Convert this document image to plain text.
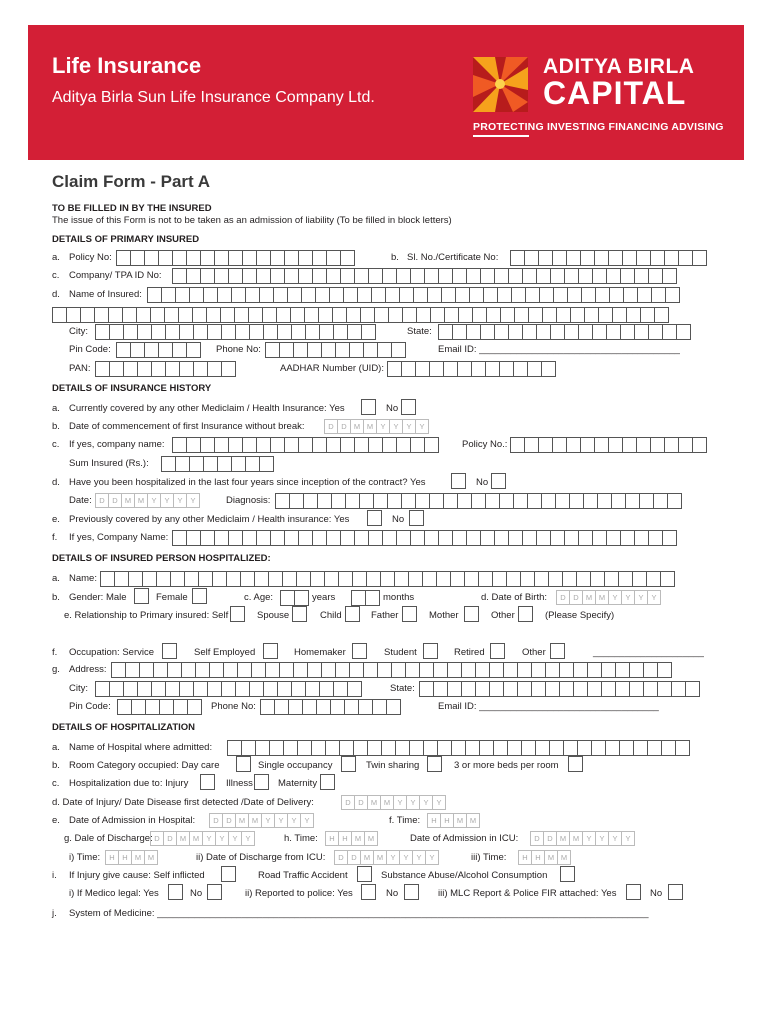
Life Insurance
Aditya Birla Sun Life Insurance Company Ltd.
ADITYA BIRLA
CAPITAL
PROTECTING INVESTING FINANCING ADVISING
Claim Form - Part A
TO BE FILLED IN BY THE INSURED
The issue of this Form is not to be taken as an admission of liability (To be filled in block letters)
DETAILS OF PRIMARY INSURED
a. Policy No:	b. Sl. No./Certificate No:
c. Company/ TPA ID No:
d. Name of Insured:
City:	State:
Pin Code:	Phone No:	Email ID: ______________________________________
PAN:	AADHAR Number (UID):
DETAILS OF INSURANCE HISTORY
a. Currently covered by any other Mediclaim / Health Insurance: Yes	No
b. Date of commencement of first Insurance without break:	D	D M M Y	Y	Y	Y
c. If yes, company name:	Policy No.:
Sum Insured (Rs.):
d. Have you been hospitalized in the last four years since inception of the contract? Yes	No
Date:	D	D M M Y	Y	Y	Y	Diagnosis:
e. Previously covered by any other Mediclaim / Health insurance: Yes	No
f. If yes, Company Name:
DETAILS OF INSURED PERSON HOSPITALIZED:
a. Name:
b. Gender: Male	Female	c. Age:	years	months	d. Date of Birth:	D	D M M Y	Y	Y	Y
e. Relationship to Primary insured: Self	Spouse	Child	Father	Mother	Other	(Please Specify)
f. Occupation: Service	Self Employed	Homemaker	Student	Retired	Other	_____________________
g. Address:
City:	State:
Pin Code:	Phone No:	Email ID: __________________________________
DETAILS OF HOSPITALIZATION
a. Name of Hospital where admitted:
b. Room Category occupied: Day care	Single occupancy	Twin sharing	3 or more beds per room
c. Hospitalization due to: Injury	Illness	Maternity
d. Date of Injury/ Date Disease first detected /Date of Delivery:	D	D M M Y	Y	Y	Y
e. Date of Admission in Hospital:	D	D M M Y	Y	Y	Y	f. Time:	H	H M M
g. Dale of Discharge: D	D M M Y	Y	Y	Y	h. Time:	H	H M M	Date of Admission in ICU:	D	D M M Y	Y	Y	Y
i) Time:	H	H M M	ii) Date of Discharge from ICU:	D	D M M Y	Y	Y	Y	iii) Time:	H	H M M
i. If Injury give cause: Self inflicted	Road Traffic Accident	Substance Abuse/Alcohol Consumption
i) If Medico legal: Yes	No	ii) Reported to police: Yes	No	iii) MLC Report & Police FIR attached: Yes	No
j. System of Medicine: _____________________________________________________________________________________________
